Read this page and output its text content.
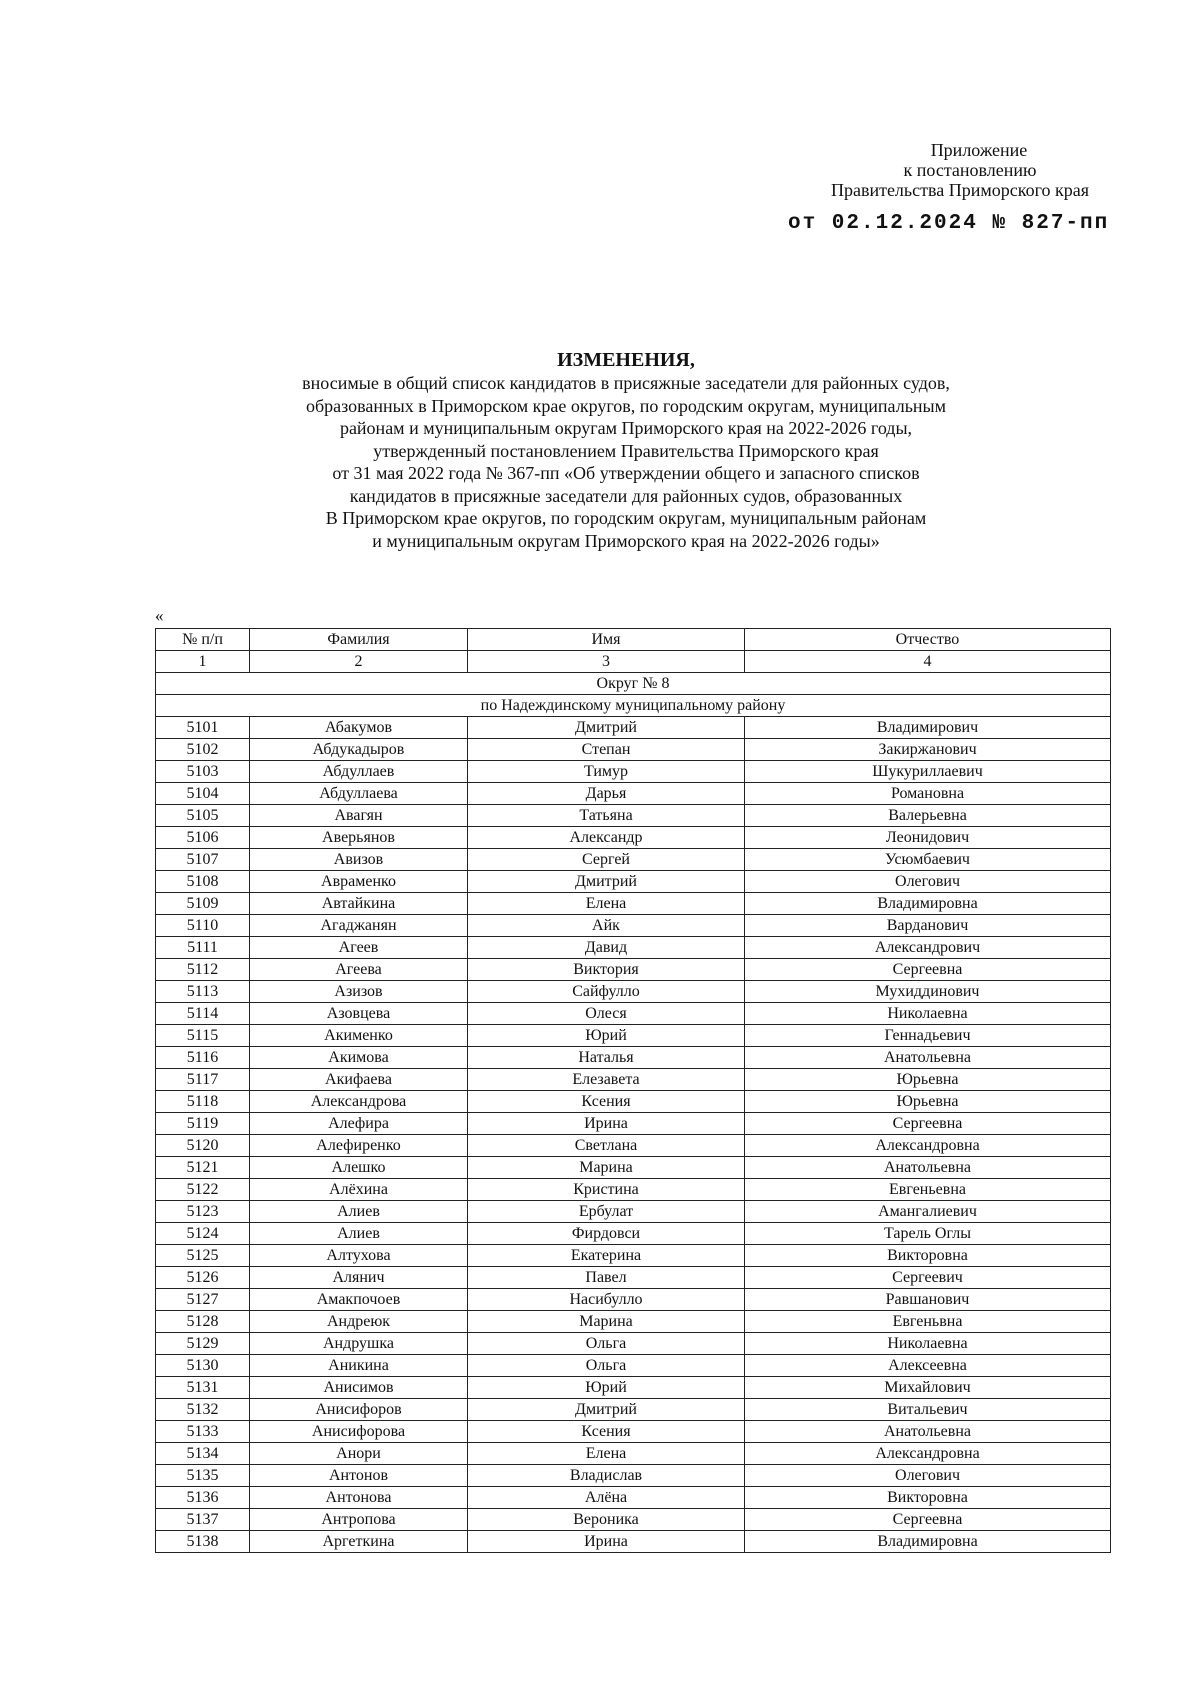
Приложение
к постановлению
Правительства Приморского края
от 02.12.2024 № 827-пп
ИЗМЕНЕНИЯ,
вносимые в общий список кандидатов в присяжные заседатели для районных судов,
образованных в Приморском крае округов, по городским округам, муниципальным
районам и муниципальным округам Приморского края на 2022-2026 годы,
утвержденный постановлением Правительства Приморского края
от 31 мая 2022 года № 367-пп «Об утверждении общего и запасного списков
кандидатов в присяжные заседатели для районных судов, образованных
В Приморском крае округов, по городским округам, муниципальным районам
и муниципальным округам Приморского края на 2022-2026 годы»
«
№ п/п	Фамилия	Имя	Отчество
1	2	3	4
Округ № 8			
по Надеждинскому муниципальному району			
5101	Абакумов	Дмитрий	Владимирович
5102	Абдукадыров	Степан	Закиржанович
5103	Абдуллаев	Тимур	Шукуриллаевич
5104	Абдуллаева	Дарья	Романовна
5105	Авагян	Татьяна	Валерьевна
5106	Аверьянов	Александр	Леонидович
5107	Авизов	Сергей	Усюмбаевич
5108	Авраменко	Дмитрий	Олегович
5109	Автайкина	Елена	Владимировна
5110	Агаджанян	Айк	Варданович
5111	Агеев	Давид	Александрович
5112	Агеева	Виктория	Сергеевна
5113	Азизов	Сайфулло	Мухиддинович
5114	Азовцева	Олеся	Николаевна
5115	Акименко	Юрий	Геннадьевич
5116	Акимова	Наталья	Анатольевна
5117	Акифаева	Елезавета	Юрьевна
5118	Александрова	Ксения	Юрьевна
5119	Алефира	Ирина	Сергеевна
5120	Алефиренко	Светлана	Александровна
5121	Алешко	Марина	Анатольевна
5122	Алёхина	Кристина	Евгеньевна
5123	Алиев	Ербулат	Амангалиевич
5124	Алиев	Фирдовси	Тарель Оглы
5125	Алтухова	Екатерина	Викторовна
5126	Алянич	Павел	Сергеевич
5127	Амакпочоев	Насибулло	Равшанович
5128	Андреюк	Марина	Евгеньвна
5129	Андрушка	Ольга	Николаевна
5130	Аникина	Ольга	Алексеевна
5131	Анисимов	Юрий	Михайлович
5132	Анисифоров	Дмитрий	Витальевич
5133	Анисифорова	Ксения	Анатольевна
5134	Анори	Елена	Александровна
5135	Антонов	Владислав	Олегович
5136	Антонова	Алёна	Викторовна
5137	Антропова	Вероника	Сергеевна
5138	Аргеткина	Ирина	Владимировна
